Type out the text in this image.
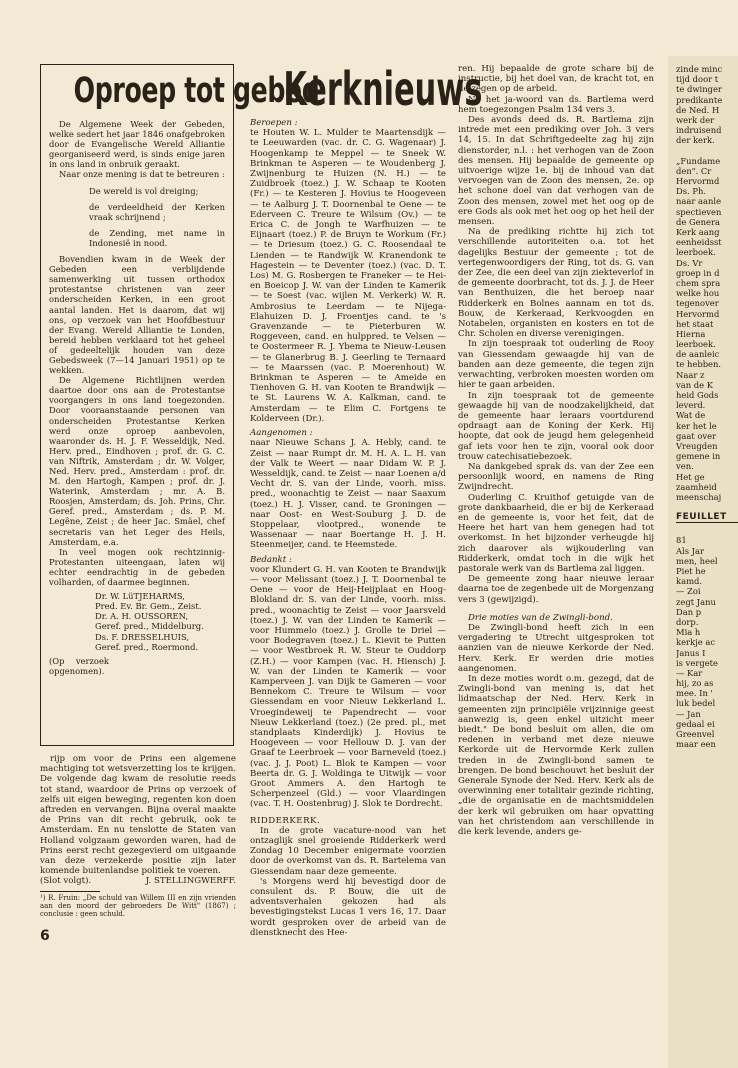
Oproep tot gebed

De Algemene Week der Gebeden, welke sedert het jaar 1846 onafgebroken door de Evangelische Wereld Alliantie georganiseerd werd, is sinds enige jaren in ons land in onbruik geraakt.

Naar onze mening is dat te betreuren :

De wereld is vol dreiging;

de verdeeldheid der Kerken vraak schrijnend ;

de Zending, met name in Indonesië in nood.

Bovendien kwam in de Week der Gebeden een verblijdende samenwerking uit tussen orthodox protestantse christenen van zeer onderscheiden Kerken, in een groot aantal landen. Het is daarom, dat wij ons, op verzoek van het Hoofdbestuur der Evang. Wereld Alliantie te Londen, bereid hebben verklaard tot het geheel of gedeeltelijk houden van deze Gebedsweek (7—14 Januari 1951) op te wekken.

De Algemene Richtlijnen werden daartoe door ons aan de Protestantse voorgangers in ons land toegezonden. Door vooraanstaande personen van onderscheiden Protestantse Kerken werd onze oproep aanbevolen, waaronder ds. H. J. F. Wesseldijk, Ned. Herv. pred., Eindhoven ; prof. dr. G. C. van Niftrik, Amsterdam ; dr. W. Volger, Ned. Herv. pred., Amsterdam : prof. dr. M. den Hartogh, Kampen ; prof. dr. J. Waterink, Amsterdam ; mr. A. B. Roosjen, Amsterdam; ds. Joh. Prins, Chr. Geref. pred., Amsterdam ; ds. P. M. Legêne, Zeist ; de heer Jac. Smäel, chef secretaris van het Leger des Heils, Amsterdam, e.a.

In veel mogen ook rechtzinnig-Protestanten uiteengaan, laten wij echter eendrachtig in de gebeden volharden, of daarmee beginnen.

Dr. W. LüTJEHARMS,

Pred. Ev. Br. Gem., Zeist.

Dr. A. H. OUSSOREN,

Geref. pred., Middelburg.

Ds. F. DRESSELHUIS,

Geref. pred., Roermond.

(Op verzoek opgenomen).

rijp om voor de Prins een algemene machtiging tot wetsverzetting los te krijgen. De volgende dag kwam de resolutie reeds tot stand, waardoor de Prins op verzoek of zelfs uit eigen beweging, regenten kon doen aftreden en vervangen. Bijna overal maakte de Prins van dit recht gebruik, ook te Amsterdam. En nu tenslotte de Staten van Holland volgzaam geworden waren, had de Prins eerst recht gezegevierd om uitgaande van deze verzekerde positie zijn later komende buitenlandse politiek te voeren.

(Slot volgt).	J. STELLINGWERFF.

¹) R. Fruin: „De schuld van Willem III en zijn vrienden aan den moord der gebroeders De Witt" (1867) ; conclusie : geen schuld.

6
Kerknieuws

Beroepen :

te Houten W. L. Mulder te Maartensdijk — te Leeuwarden (vac. dr. C. G. Wagenaar) J. Hoogenkamp te Meppel — te Sneek W. Brinkman te Asperen — te Woudenberg J. Zwijnenburg te Huizen (N. H.) — te Zuidbroek (toez.) J. W. Schaap te Kooten (Fr.) — te Kesteren J. Hovius te Hoogeveen — te Aalburg J. T. Doornenbal te Oene — te Ederveen C. Treure te Wilsum (Ov.) — te Erica C. de Jongh te Warfhuizen — te Eijnaart (toez.) P. de Bruyn te Workum (Fr.) — te Driesum (toez.) G. C. Roosendaal te Lienden — te Randwijk W. Kranendonk te Hagestein — te Deventer (toez.) (vac. D. T. Los) M. G. Rosbergen te Franeker — te Hei- en Boeicop J. W. van der Linden te Kamerik — te Soest (vac. wijlen M. Verkerk) W. R. Ambrosius te Leerdam — te Nijega-Elahuizen D. J. Froentjes cand. te 's Gravenzande — te Pieterburen W. Roggeveen, cand. en hulppred. te Velsen — te Oostermeer R. J. Ybema te Nieuw-Leusen — te Glanerbrug B. J. Geerling te Ternaard — te Maarssen (vac. P. Moerenhout) W. Brinkman te Asperen — te Ameide en Tienhoven G. H. van Kooten te Brandwijk — te St. Laurens W. A. Kalkman, cand. te Amsterdam — te Elim C. Fortgens te Kolderveen (Dr.).

Aangenomen :

naar Nieuwe Schans J. A. Hebly, cand. te Zeist — naar Rumpt dr. M. H. A. L. H. van der Valk te Weert — naar Didam W. P. J. Wesseldijk, cand. te Zeist — naar Loenen a/d Vecht dr. S. van der Linde, voorh. miss. pred., woonachtig te Zeist — naar Saaxum (toez.) H. J. Visser, cand. te Groningen — naar Oost- en West-Souburg J. D. de Stoppelaar, vlootpred., wonende te Wassenaar — naar Boertange H. J. H. Steenmeijer, cand. te Heemstede.

Bedankt :

voor Klundert G. H. van Kooten te Brandwijk — voor Melissant (toez.) J. T. Doornenbal te Oene — voor de Heij-Heijplaat en Hoog-Blokland dr. S. van der Linde, voorh. miss. pred., woonachtig te Zeist — voor Jaarsveld (toez.) J. W. van der Linden te Kamerik — voor Hummelo (toez.) J. Grolle te Driel — voor Bodegraven (toez.) L. Kievit te Putten — voor Westbroek R. W. Steur te Ouddorp (Z.H.) — voor Kampen (vac. H. Hiensch) J. W. van der Linden te Kamerik — voor Kamperveen J. van Dijk te Gameren — voor Bennekom C. Treure te Wilsum — voor Giessendam en voor Nieuw Lekkerland L. Vroegindeweij te Papendrecht — voor Nieuw Lekkerland (toez.) (2e pred. pl., met standplaats Kinderdijk) J. Hovius te Hoogeveen — voor Hellouw D. J. van der Graaf te Leerbroek — voor Barneveld (toez.) (vac. J. J. Poot) L. Blok te Kampen — voor Beerta dr. G. J. Woldinga te Uitwijk — voor Groot Ammers A. den Hartogh te Scherpenzeel (Gld.) — voor Vlaardingen (vac. T. H. Oostenbrug) J. Slok te Dordrecht.

RIDDERKERK.

In de grote vacature-nood van het ontzaglijk snel groeiende Ridderkerk werd Zondag 10 December enigermate voorzien door de overkomst van ds. R. Bartelema van Giessendam naar deze gemeente.

's Morgens werd hij bevestigd door de consulent ds. P. Bouw, die uit de adventsverhalen gekozen had als bevestigingstekst Lucas 1 vers 16, 17. Daar wordt gesproken over de arbeid van de dienstknecht des Hee-

ren. Hij bepaalde de grote schare bij de instructie, bij het doel van, de kracht tot, en de zegen op de arbeid.

Na het ja-woord van ds. Bartlema werd hem toegezongen Psalm 134 vers 3.

Des avonds deed ds. R. Bartlema zijn intrede met een prediking over Joh. 3 vers 14, 15. In dat Schriftgedeelte zag hij zijn dienstorder, n.l. : het verhogen van de Zoon des mensen. Hij bepaalde de gemeente op uitvoerige wijze 1e. bij de inhoud van dat vervoegen van de Zoon des mensen, 2e. op het schone doel van dat verhogen van de Zoon des mensen, zowel met het oog op de ere Gods als ook met het oog op het heil der mensen.

Na de prediking richtte hij zich tot verschillende autoriteiten o.a. tot het dagelijks Bestuur der gemeente ; tot de vertegenwoordigers der Ring, tot ds. G. van der Zee, die een deel van zijn ziekteverlof in de gemeente doorbracht, tot ds. J. J. de Heer van Benthuizen, die het beroep naar Ridderkerk en Bolnes aannam en tot ds. Bouw, de Kerkeraad, Kerkvoogden en Notabelen, organisten en kosters en tot de Chr. Scholen en diverse verenigingen.

In zijn toespraak tot ouderling de Rooy van Giessendam gewaagde hij van de banden aan deze gemeente, die tegen zijn verwachting, verbroken moesten worden om hier te gaan arbeiden.

In zijn toespraak tot de gemeente gewaagde hij van de noodzakelijkheid, dat de gemeente haar leraars voortdurend opdraagt aan de Koning der Kerk. Hij hoopte, dat ook de jeugd hem gelegenheid gaf iets voor hen te zijn, vooral ook door trouw catechisatiebezoek.

Na dankgebed sprak ds. van der Zee een persoonlijk woord, en namens de Ring Zwijndrecht.

Ouderling C. Kruithof getuigde van de grote dankbaarheid, die er bij de Kerkeraad en de gemeente is, voor het feit, dat de Heere het hart van hem genegen had tot overkomst. In het bijzonder verheugde hij zich daarover als wijkouderling van Ridderkerk, omdat toch in die wijk het pastorale werk van ds Bartlema zal liggen.

De gemeente zong haar nieuwe leraar daarna toe de zegenbede uit de Morgenzang vers 3 (gewijzigd).

Drie moties van de Zwingli-bond.

De Zwingli-bond heeft zich in een vergadering te Utrecht uitgesproken tot aanzien van de nieuwe Kerkorde der Ned. Herv. Kerk. Er werden drie moties aangenomen.

In deze moties wordt o.m. gezegd, dat de Zwingli-bond van mening is, dat het lidmaatschap der Ned. Herv. Kerk in gemeenten zijn principiële vrijzinnige geest aanwezig is, geen enkel uitzicht meer biedt." De bond besluit om allen, die om redenen in verband met deze nieuwe Kerkorde uit de Hervormde Kerk zullen treden in de Zwingli-bond samen te brengen. De bond beschouwt het besluit der Generale Synode der Ned. Herv. Kerk als de overwinning ener totalitair gezinde richting, „die de organisatie en de machtsmiddelen der kerk wil gebruiken om haar opvatting van het christendom aan verschillende in die kerk levende, anders ge-

zinde minc
tijd door t
te dwinger
predikante
de Ned. H
werk der
indruisend
der kerk.
„Fundame
den". Cr
Hervormd
Ds. Ph.
naar aanle
spectieven
de Genera
Kerk aang
eenheidsst
leerboek.
Ds. Vr
groep in d
chem spra
welke hou
tegenover
Hervormd
het staat
Hierna
leerboek.
de aanleic
te hebben.
Naar z
van de K
heid Gods
leverd.
Wat de
ker het le
gaat over
Vreugden
gemene in
ven.
Het ge
zaamheid
meenschaj
FEUILLET
81
Als Jar
men, heel
Piet he
kamd.
— Zoi
zegt Janu
Dan p
dorp.
Mia h
kerkje ac
Janus I
is vergete
— Kar
hij, zo as
mee. In '
luk bedel
— Jan
gedaal ei
Greenvel
maar een
